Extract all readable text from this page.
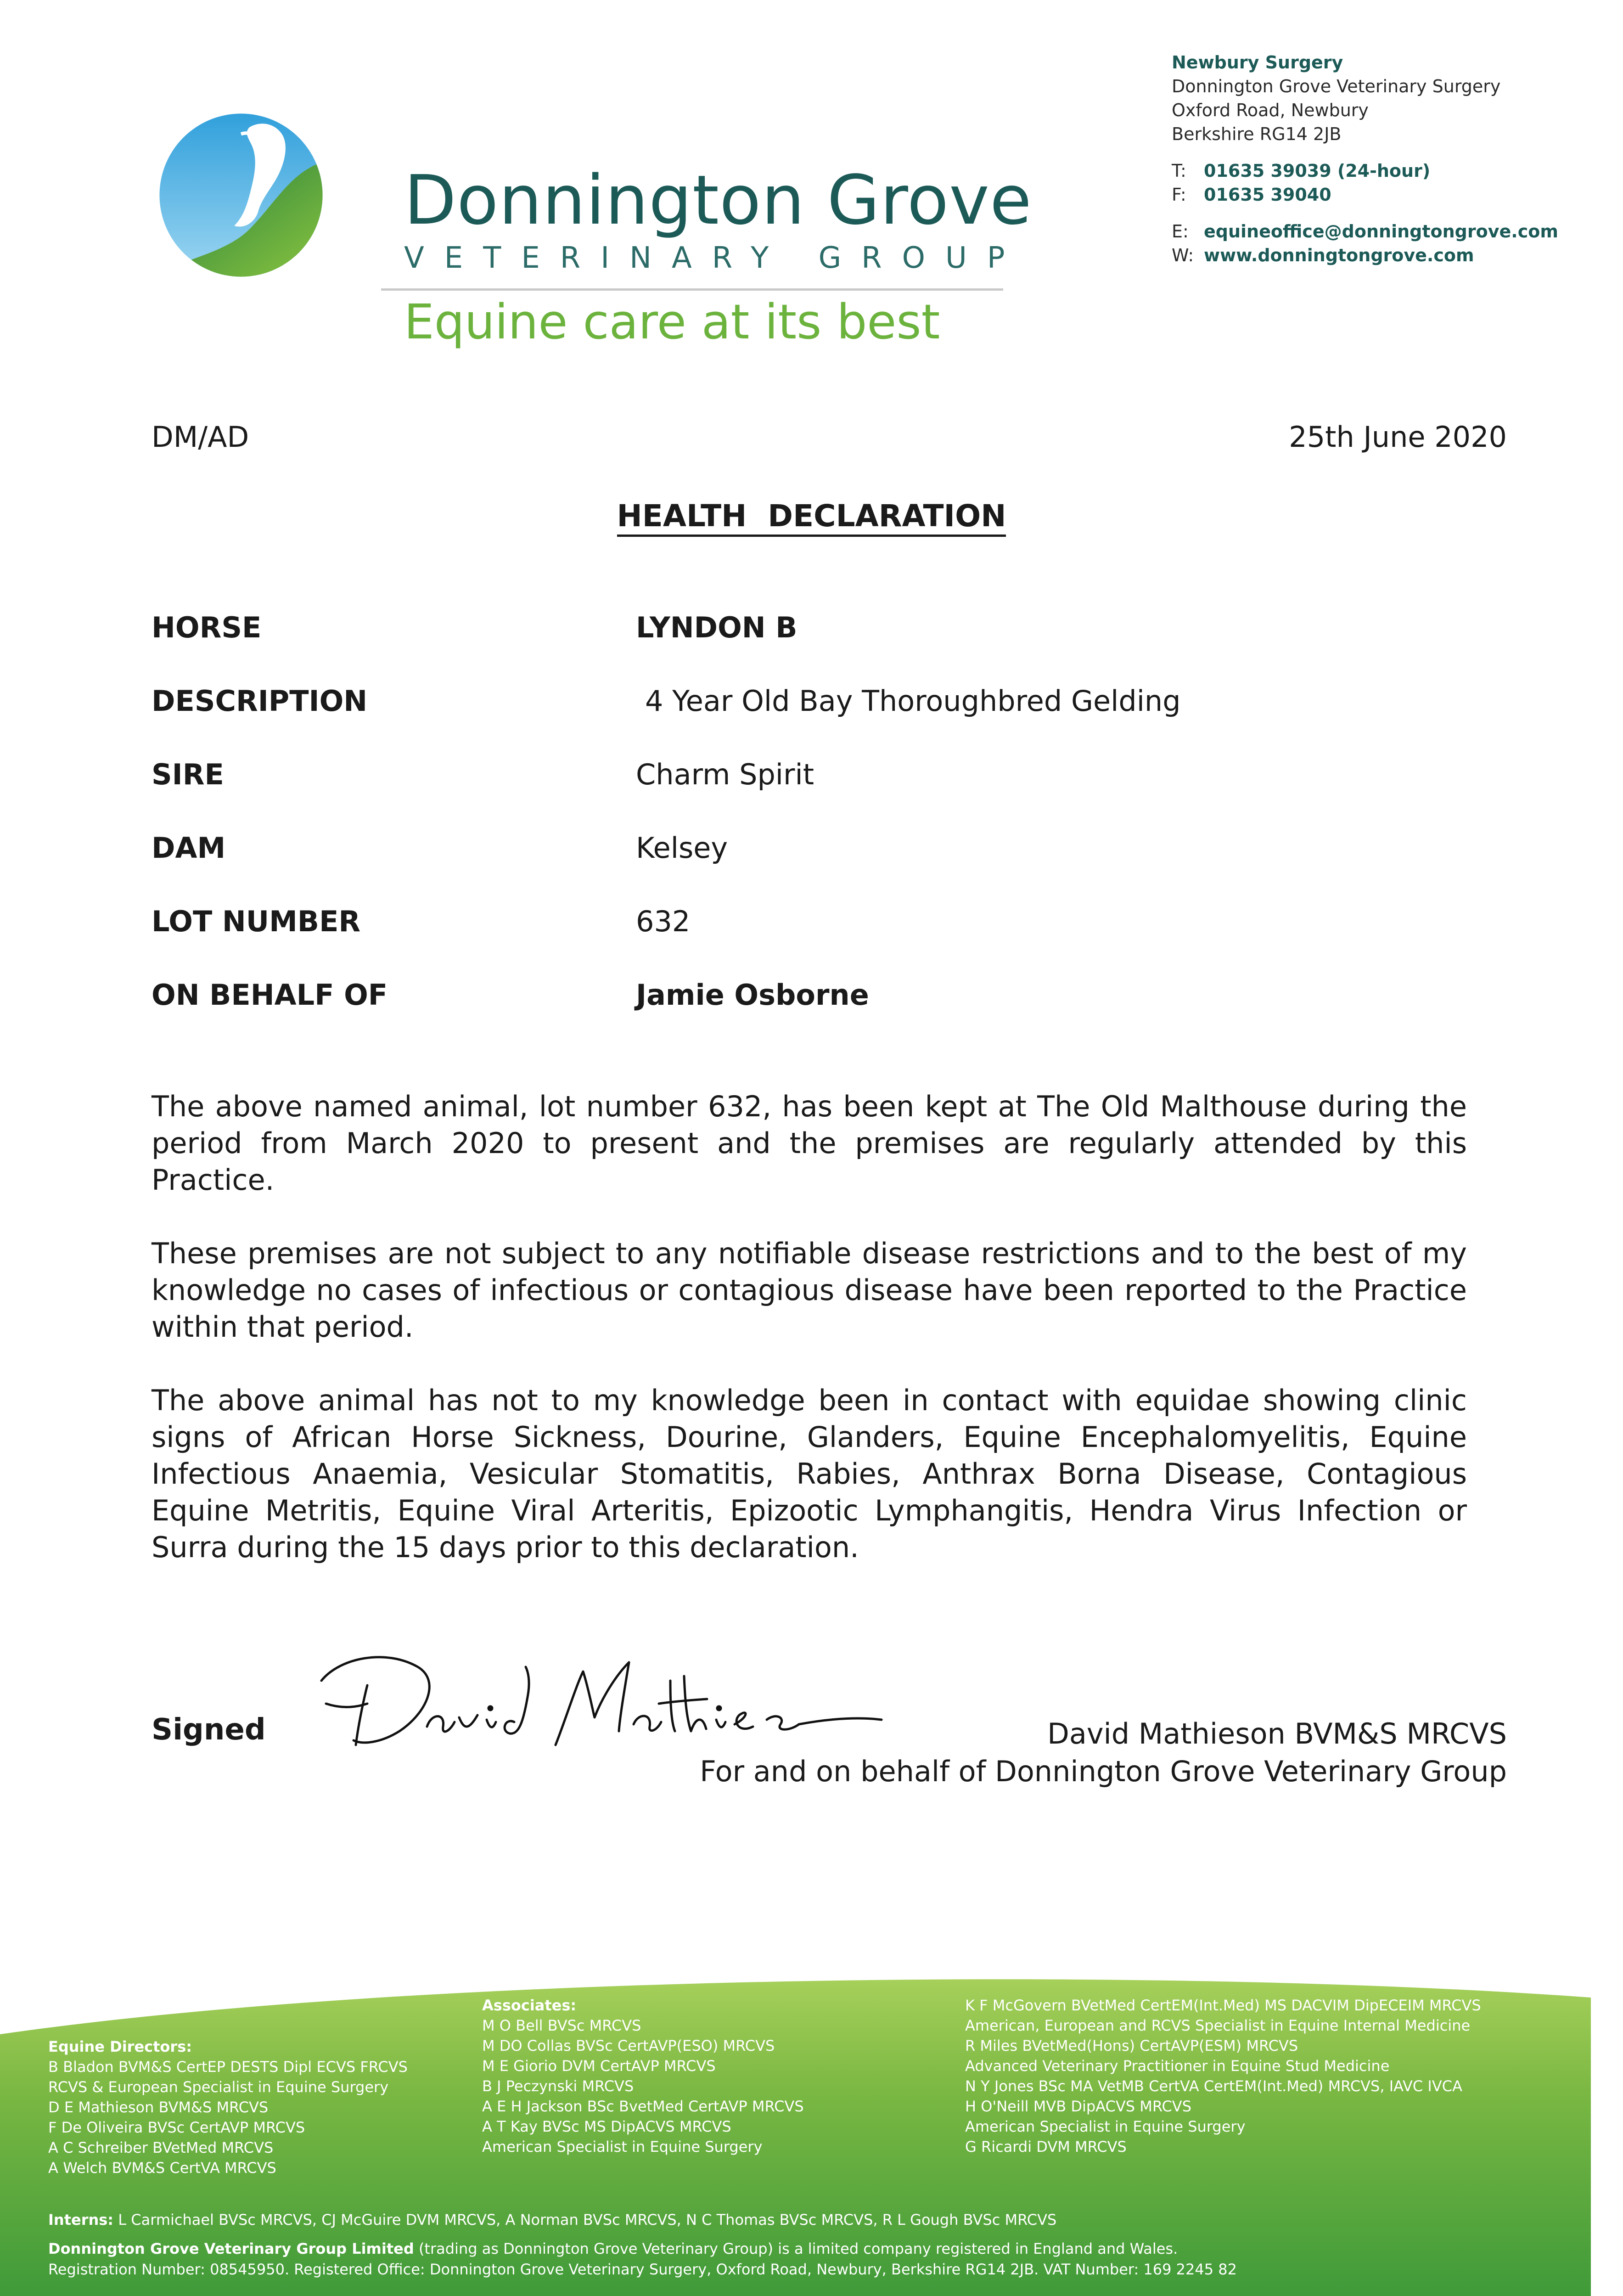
Donnington Grove
VETERINARY GROUP
Equine care at its best
Newbury Surgery
Donnington Grove Veterinary Surgery
Oxford Road, Newbury
Berkshire RG14 2JB
T: 01635 39039 (24-hour)
F: 01635 39040
E: equineoffice@donningtongrove.com
W: www.donningtongrove.com
DM/AD	25th June 2020
HEALTH  DECLARATION
HORSE	LYNDON B
DESCRIPTION	4 Year Old Bay Thoroughbred Gelding
SIRE	Charm Spirit
DAM	Kelsey
LOT NUMBER	632
ON BEHALF OF	Jamie Osborne

The above named animal, lot number 632, has been kept at The Old Malthouse during the period from March 2020 to present and the premises are regularly attended by this Practice.

These premises are not subject to any notifiable disease restrictions and to the best of my knowledge no cases of infectious or contagious disease have been reported to the Practice within that period.

The above animal has not to my knowledge been in contact with equidae showing clinic signs of African Horse Sickness, Dourine, Glanders, Equine Encephalomyelitis, Equine Infectious Anaemia, Vesicular Stomatitis, Rabies, Anthrax Borna Disease, Contagious Equine Metritis, Equine Viral Arteritis, Epizootic Lymphangitis, Hendra Virus Infection or Surra during the 15 days prior to this declaration.

Signed	David Mathieson BVM&S MRCVS
For and on behalf of Donnington Grove Veterinary Group
Equine Directors:
B Bladon BVM&S CertEP DESTS Dipl ECVS FRCVS
RCVS & European Specialist in Equine Surgery
D E Mathieson BVM&S MRCVS
F De Oliveira BVSc CertAVP MRCVS
A C Schreiber BVetMed MRCVS
A Welch BVM&S CertVA MRCVS
Associates:
M O Bell BVSc MRCVS
M DO Collas BVSc CertAVP(ESO) MRCVS
M E Giorio DVM CertAVP MRCVS
B J Peczynski MRCVS
A E H Jackson BSc BvetMed CertAVP MRCVS
A T Kay BVSc MS DipACVS MRCVS
American Specialist in Equine Surgery
K F McGovern BVetMed CertEM(Int.Med) MS DACVIM DipECEIM MRCVS
American, European and RCVS Specialist in Equine Internal Medicine
R Miles BVetMed(Hons) CertAVP(ESM) MRCVS
Advanced Veterinary Practitioner in Equine Stud Medicine
N Y Jones BSc MA VetMB CertVA CertEM(Int.Med) MRCVS, IAVC IVCA
H O'Neill MVB DipACVS MRCVS
American Specialist in Equine Surgery
G Ricardi DVM MRCVS
Interns: L Carmichael BVSc MRCVS, CJ McGuire DVM MRCVS, A Norman BVSc MRCVS, N C Thomas BVSc MRCVS, R L Gough BVSc MRCVS
Donnington Grove Veterinary Group Limited (trading as Donnington Grove Veterinary Group) is a limited company registered in England and Wales.
Registration Number: 08545950. Registered Office: Donnington Grove Veterinary Surgery, Oxford Road, Newbury, Berkshire RG14 2JB. VAT Number: 169 2245 82
